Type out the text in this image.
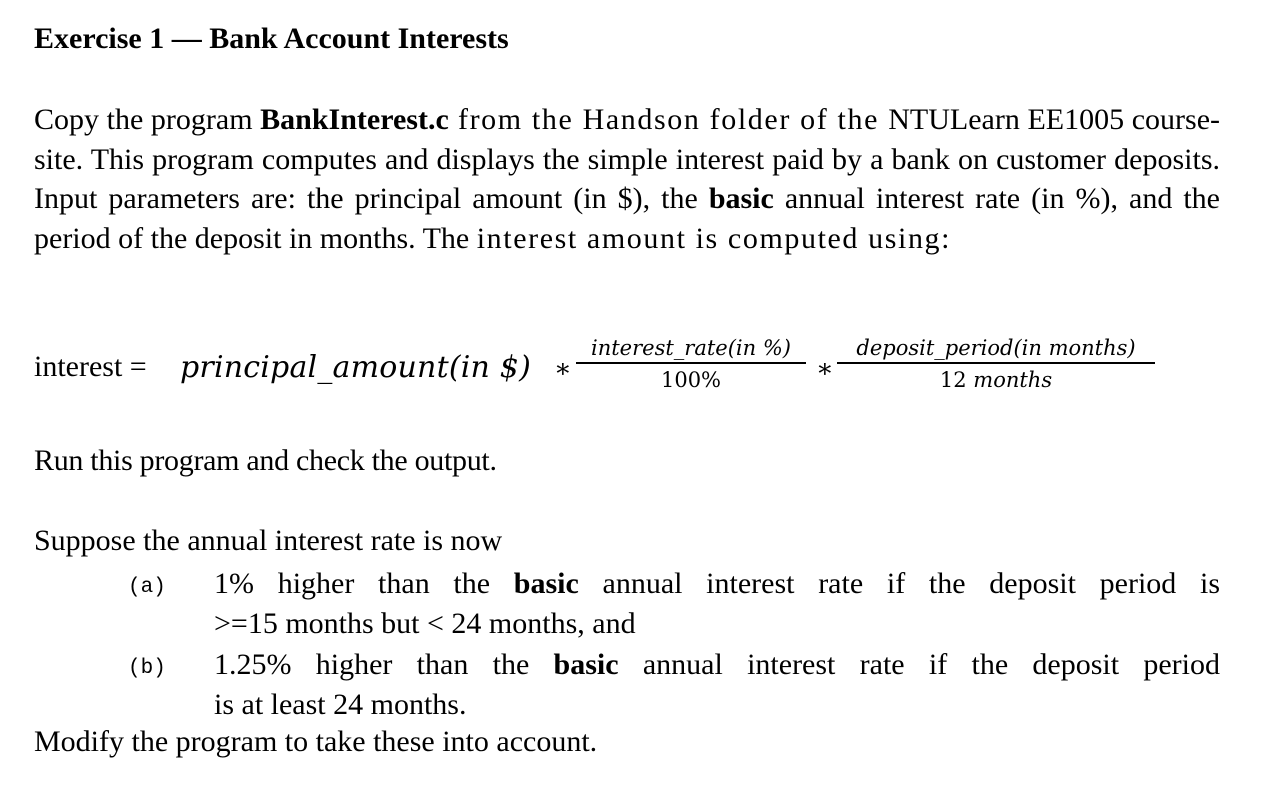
Exercise 1 — Bank Account Interests
Copy the program BankInterest.c from the Handson folder of the NTULearn EE1005 course-site. This program computes and displays the simple interest paid by a bank on customer deposits. Input parameters are: the principal amount (in $), the basic annual interest rate (in %), and the period of the deposit in months. The interest amount is computed using:
interest = principal_amount(in $) ∗
interest_rate(in %)
100%	∗
deposit_period(in months)
12 months
Run this program and check the output.
Suppose the annual interest rate is now
(a) 1% higher than the basic annual interest rate if the deposit period is
>=15 months but < 24 months, and
(b) 1.25% higher than the basic annual interest rate if the deposit period
is at least 24 months.
Modify the program to take these into account.
